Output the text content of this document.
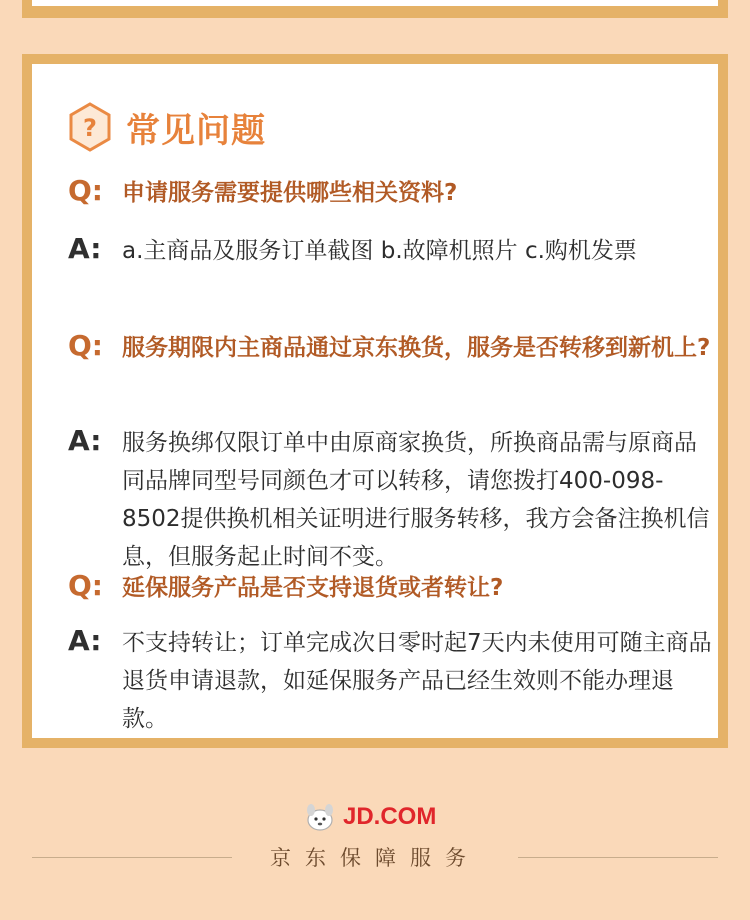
? 常见问题
Q: 申请服务需要提供哪些相关资料?
A: a.主商品及服务订单截图 b.故障机照片 c.购机发票
Q: 服务期限内主商品通过京东换货，服务是否转移到新机上?
A: 服务换绑仅限订单中由原商家换货，所换商品需与原商品同品牌同型号同颜色才可以转移，请您拨打400-098-8502提供换机相关证明进行服务转移，我方会备注换机信息，但服务起止时间不变。
Q: 延保服务产品是否支持退货或者转让?
A: 不支持转让；订单完成次日零时起7天内未使用可随主商品退货申请退款，如延保服务产品已经生效则不能办理退款。
JD.COM
京东保障服务
